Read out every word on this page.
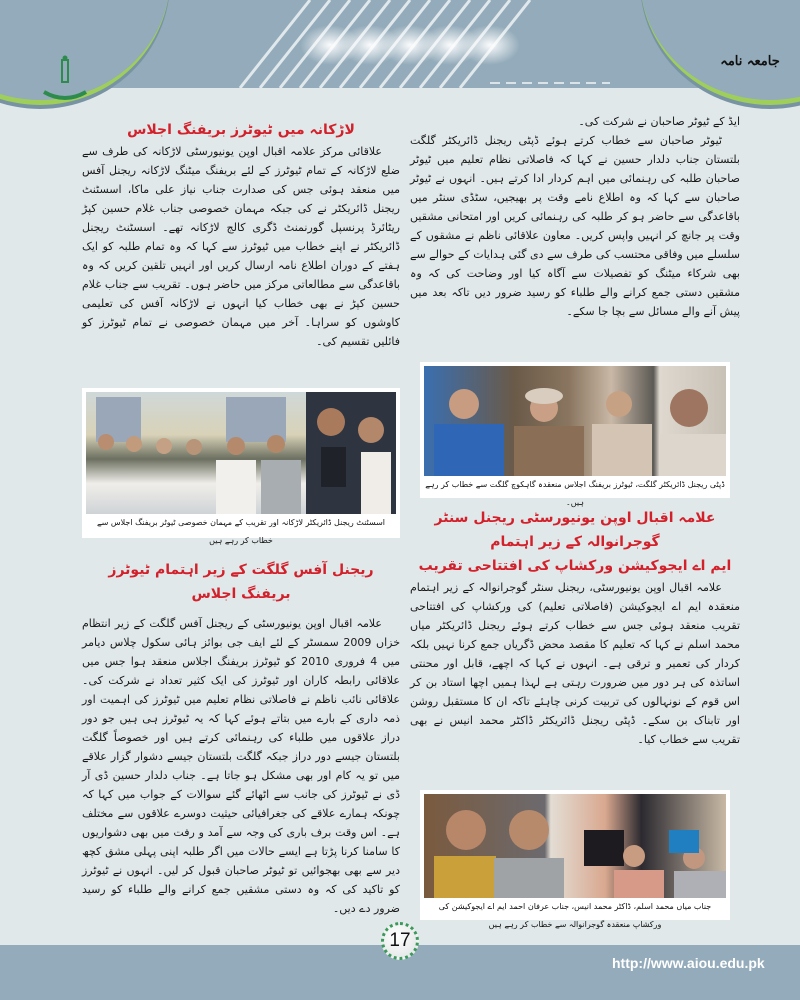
جامعہ نامہ

ایڈ کے ٹیوٹر صاحبان نے شرکت کی۔

ٹیوٹر صاحبان سے خطاب کرتے ہوئے ڈپٹی ریجنل ڈائریکٹر گلگت بلتستان جناب دلدار حسین نے کہا کہ فاصلاتی نظام تعلیم میں ٹیوٹر صاحبان طلبہ کی رہنمائی میں اہم کردار ادا کرتے ہیں۔ انہوں نے ٹیوٹر صاحبان سے کہا کہ وہ اطلاع نامے وقت پر بھیجیں، سٹڈی سنٹر میں باقاعدگی سے حاضر ہو کر طلبہ کی رہنمائی کریں اور امتحانی مشقیں وقت پر جانچ کر انہیں واپس کریں۔ معاون علاقائی ناظم نے مشقوں کے سلسلے میں وفاقی محتسب کی طرف سے دی گئی ہدایات کے حوالے سے بھی شرکاء میٹنگ کو تفصیلات سے آگاہ کیا اور وضاحت کی کہ وہ مشقیں دستی جمع کرانے والے طلباء کو رسید ضرور دیں تاکہ بعد میں پیش آنے والے مسائل سے بچا جا سکے۔

ڈپٹی ریجنل ڈائریکٹر گلگت، ٹیوٹرز بریفنگ اجلاس منعقدہ گاہکوچ گلگت سے خطاب کر رہے ہیں۔
علامہ اقبال اوپن یونیورسٹی ریجنل سنٹر گوجرانوالہ کے زیر اہتمام
ایم اے ایجوکیشن ورکشاپ کی افتتاحی تقریب

علامہ اقبال اوپن یونیورسٹی، ریجنل سنٹر گوجرانوالہ کے زیر اہتمام منعقدہ ایم اے ایجوکیشن (فاصلاتی تعلیم) کی ورکشاپ کی افتتاحی تقریب منعقد ہوئی جس سے خطاب کرتے ہوئے ریجنل ڈائریکٹر میاں محمد اسلم نے کہا کہ تعلیم کا مقصد محض ڈگریاں جمع کرنا نہیں بلکہ کردار کی تعمیر و ترقی ہے۔ انہوں نے کہا کہ اچھے، قابل اور محنتی اساتذہ کی ہر دور میں ضرورت رہتی ہے لہذا ہمیں اچھا استاد بن کر اس قوم کے نونہالوں کی تربیت کرنی چاہئے تاکہ ان کا مستقبل روشن اور تابناک بن سکے۔ ڈپٹی ریجنل ڈائریکٹر ڈاکٹر محمد انیس نے بھی تقریب سے خطاب کیا۔

جناب میاں محمد اسلم، ڈاکٹر محمد انیس، جناب عرفان احمد ایم اے ایجوکیشن کی ورکشاپ منعقدہ گوجرانوالہ سے خطاب کر رہے ہیں
لاڑکانہ میں ٹیوٹرز بریفنگ اجلاس

علاقائی مرکز علامہ اقبال اوپن یونیورسٹی لاڑکانہ کی طرف سے ضلع لاڑکانہ کے تمام ٹیوٹرز کے لئے بریفنگ میٹنگ لاڑکانہ ریجنل آفس میں منعقد ہوئی جس کی صدارت جناب نیاز علی ماکا، اسسٹنٹ ریجنل ڈائریکٹر نے کی جبکہ مہمان خصوصی جناب غلام حسین کپڑ ریٹائرڈ پرنسپل گورنمنٹ ڈگری کالج لاڑکانہ تھے۔ اسسٹنٹ ریجنل ڈائریکٹر نے اپنے خطاب میں ٹیوٹرز سے کہا کہ وہ تمام طلبہ کو ایک ہفتے کے دوران اطلاع نامہ ارسال کریں اور انہیں تلقین کریں کہ وہ باقاعدگی سے مطالعاتی مرکز میں حاضر ہوں۔ تقریب سے جناب غلام حسین کپڑ نے بھی خطاب کیا انہوں نے لاڑکانہ آفس کی تعلیمی کاوشوں کو سراہا۔ آخر میں مہمان خصوصی نے تمام ٹیوٹرز کو فائلیں تقسیم کی۔

اسسٹنٹ ریجنل ڈائریکٹر لاڑکانہ اور تقریب کے مہمان خصوصی ٹیوٹر بریفنگ اجلاس سے خطاب کر رہے ہیں
ریجنل آفس گلگت کے زیر اہتمام ٹیوٹرز بریفنگ اجلاس

علامہ اقبال اوپن یونیورسٹی کے ریجنل آفس گلگت کے زیر انتظام خزاں 2009 سمسٹر کے لئے ایف جی بوائز ہائی سکول چلاس دیامر میں 4 فروری 2010 کو ٹیوٹرز بریفنگ اجلاس منعقد ہوا جس میں علاقائی رابطہ کاران اور ٹیوٹرز کی ایک کثیر تعداد نے شرکت کی۔ علاقائی نائب ناظم نے فاصلاتی نظام تعلیم میں ٹیوٹرز کی اہمیت اور ذمہ داری کے بارے میں بتاتے ہوئے کہا کہ یہ ٹیوٹرز ہی ہیں جو دور دراز علاقوں میں طلباء کی رہنمائی کرتے ہیں اور خصوصاً گلگت بلتستان جیسے دور دراز جبکہ گلگت بلتستان جیسے دشوار گزار علاقے میں تو یہ کام اور بھی مشکل ہو جاتا ہے۔ جناب دلدار حسین ڈی آر ڈی نے ٹیوٹرز کی جانب سے اٹھائے گئے سوالات کے جواب میں کہا کہ چونکہ ہمارے علاقے کی جغرافیائی حیثیت دوسرے علاقوں سے مختلف ہے۔ اس وقت برف باری کی وجہ سے آمد و رفت میں بھی دشواریوں کا سامنا کرنا پڑتا ہے ایسے حالات میں اگر طلبہ اپنی پہلی مشق کچھ دیر سے بھی بھجوائیں تو ٹیوٹر صاحبان قبول کر لیں۔ انہوں نے ٹیوٹرز کو تاکید کی کہ وہ دستی مشقیں جمع کرانے والے طلباء کو رسید ضرور دے دیں۔

17
http://www.aiou.edu.pk
